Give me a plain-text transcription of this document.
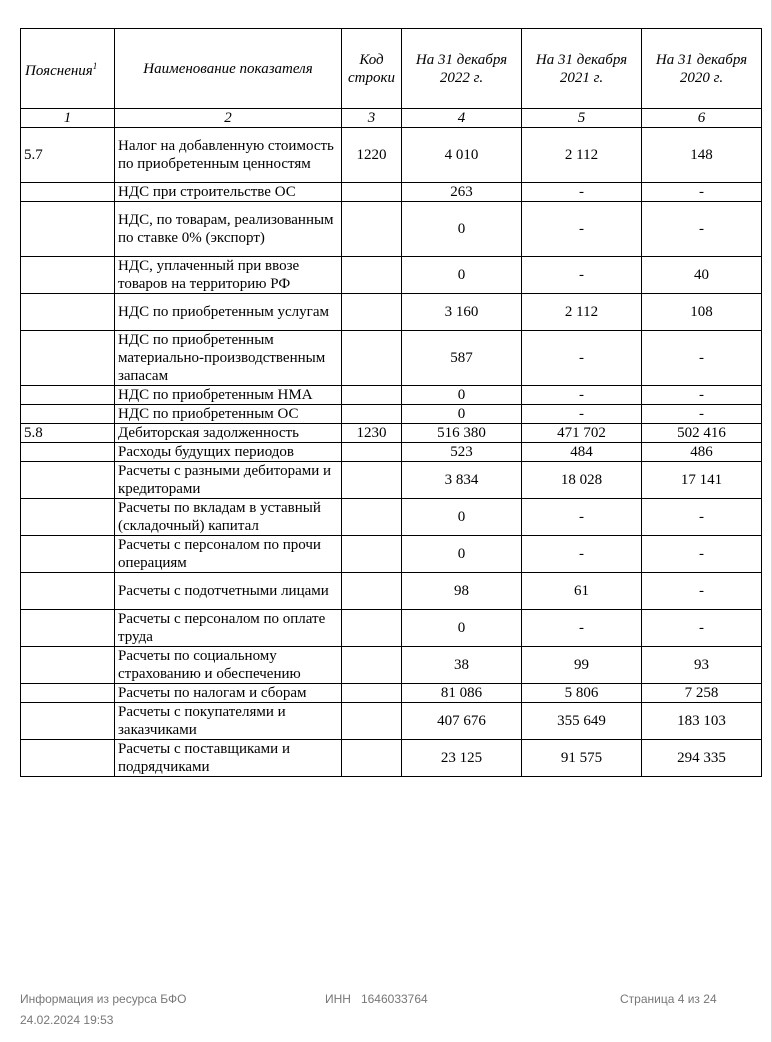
Пояснения$^1$	Наименование показателя	Код строки	На 31 декабря 2022 г.	На 31 декабря 2021 г.	На 31 декабря 2020 г.
1	2	3	4	5	6
5.7	Налог на добавленную стоимость по приобретенным ценностям	1220	4 010	2 112	148
	НДС при строительстве ОС		263	-	-
	НДС, по товарам, реализованным по ставке 0% (экспорт)		0	-	-
	НДС, уплаченный при ввозе товаров на территорию РФ		0	-	40
	НДС по приобретенным услугам		3 160	2 112	108
	НДС по приобретенным материально-производственным запасам		587	-	-
	НДС по приобретенным НМА		0	-	-
	НДС по приобретенным ОС		0	-	-
5.8	Дебиторская задолженность	1230	516 380	471 702	502 416
	Расходы будущих периодов		523	484	486
	Расчеты с разными дебиторами и кредиторами		3 834	18 028	17 141
	Расчеты по вкладам в уставный (складочный) капитал		0	-	-
	Расчеты с персоналом по прочи операциям		0	-	-
	Расчеты с подотчетными лицами		98	61	-
	Расчеты с персоналом по оплате труда		0	-	-
	Расчеты по социальному страхованию и обеспечению		38	99	93
	Расчеты по налогам и сборам		81 086	5 806	7 258
	Расчеты с покупателями и заказчиками		407 676	355 649	183 103
	Расчеты с поставщиками и подрядчиками		23 125	91 575	294 335
Информация из ресурса БФО
24.02.2024 19:53
ИНН   1646033764	Страница 4 из 24
